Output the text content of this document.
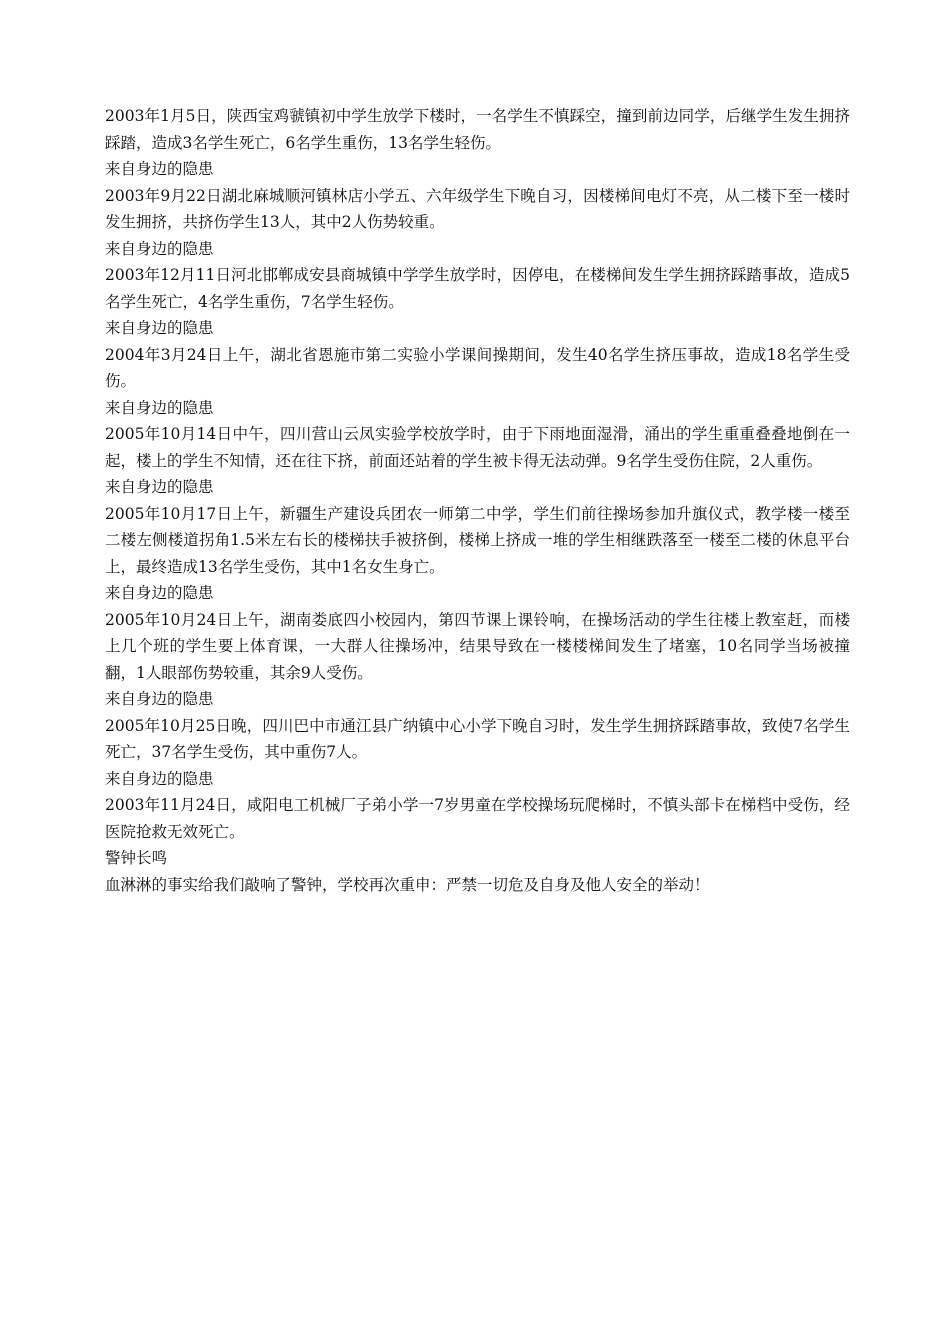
2003年1月5日，陕西宝鸡虢镇初中学生放学下楼时，一名学生不慎踩空，撞到前边同学，后继学生发生拥挤踩踏，造成3名学生死亡，6名学生重伤，13名学生轻伤。

来自身边的隐患

2003年9月22日湖北麻城顺河镇林店小学五、六年级学生下晚自习，因楼梯间电灯不亮，从二楼下至一楼时发生拥挤，共挤伤学生13人，其中2人伤势较重。

来自身边的隐患

2003年12月11日河北邯郸成安县商城镇中学学生放学时，因停电，在楼梯间发生学生拥挤踩踏事故，造成5名学生死亡，4名学生重伤，7名学生轻伤。

来自身边的隐患

2004年3月24日上午，湖北省恩施市第二实验小学课间操期间，发生40名学生挤压事故，造成18名学生受伤。

来自身边的隐患

2005年10月14日中午，四川营山云凤实验学校放学时，由于下雨地面湿滑，涌出的学生重重叠叠地倒在一起，楼上的学生不知情，还在往下挤，前面还站着的学生被卡得无法动弹。9名学生受伤住院，2人重伤。

来自身边的隐患

2005年10月17日上午，新疆生产建设兵团农一师第二中学，学生们前往操场参加升旗仪式，教学楼一楼至二楼左侧楼道拐角1.5米左右长的楼梯扶手被挤倒，楼梯上挤成一堆的学生相继跌落至一楼至二楼的休息平台上，最终造成13名学生受伤，其中1名女生身亡。

来自身边的隐患

2005年10月24日上午，湖南娄底四小校园内，第四节课上课铃响，在操场活动的学生往楼上教室赶，而楼上几个班的学生要上体育课，一大群人往操场冲，结果导致在一楼楼梯间发生了堵塞，10名同学当场被撞翻，1人眼部伤势较重，其余9人受伤。

来自身边的隐患

2005年10月25日晚，四川巴中市通江县广纳镇中心小学下晚自习时，发生学生拥挤踩踏事故，致使7名学生死亡，37名学生受伤，其中重伤7人。

来自身边的隐患

2003年11月24日，咸阳电工机械厂子弟小学一7岁男童在学校操场玩爬梯时，不慎头部卡在梯档中受伤，经医院抢救无效死亡。

警钟长鸣

血淋淋的事实给我们敲响了警钟，学校再次重申：严禁一切危及自身及他人安全的举动！
